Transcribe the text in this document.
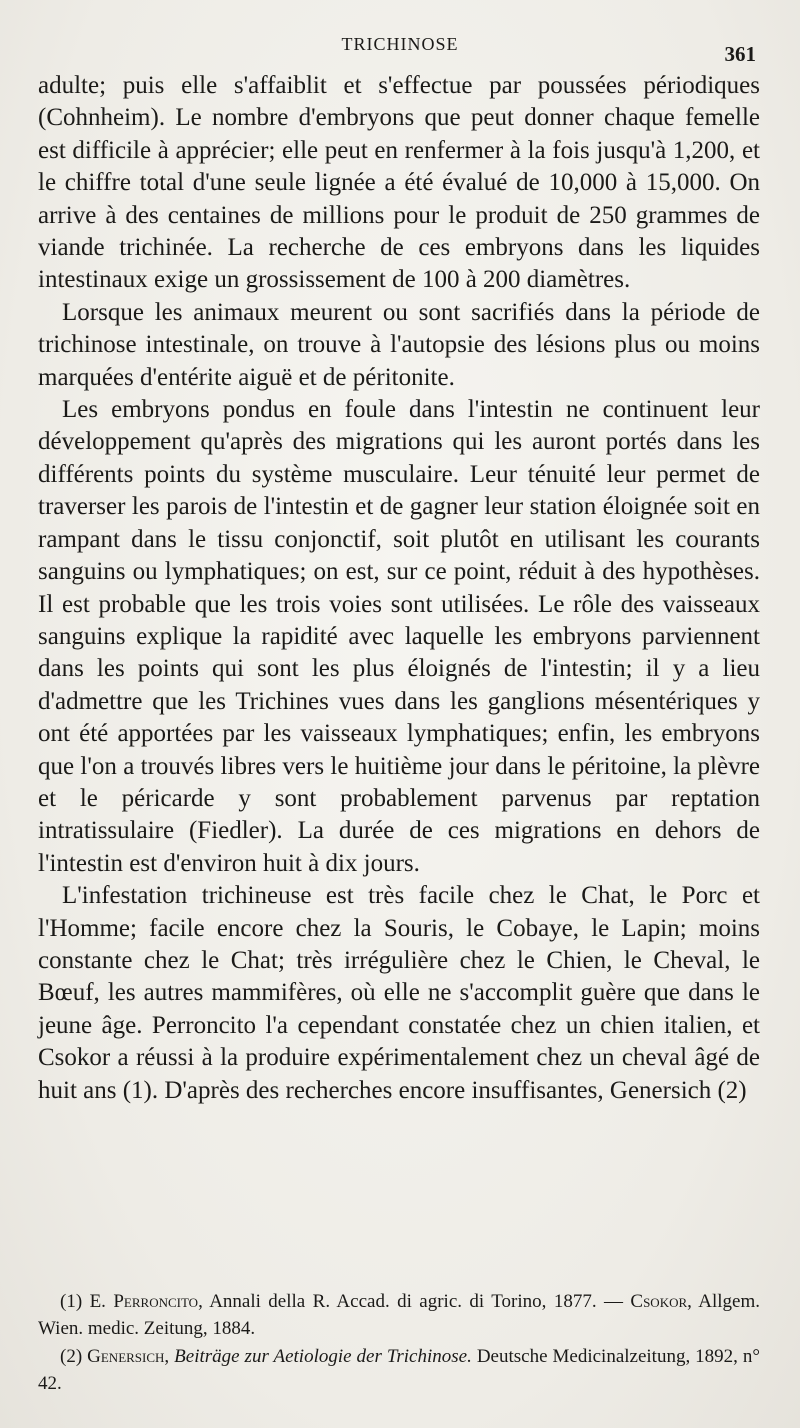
TRICHINOSE	361

adulte; puis elle s'affaiblit et s'effectue par poussées périodiques (Cohnheim). Le nombre d'embryons que peut donner chaque femelle est difficile à apprécier; elle peut en renfermer à la fois jusqu'à 1,200, et le chiffre total d'une seule lignée a été évalué de 10,000 à 15,000. On arrive à des centaines de millions pour le produit de 250 grammes de viande trichinée. La recherche de ces embryons dans les liquides intestinaux exige un grossissement de 100 à 200 diamètres.

Lorsque les animaux meurent ou sont sacrifiés dans la période de trichinose intestinale, on trouve à l'autopsie des lésions plus ou moins marquées d'entérite aiguë et de péritonite.

Les embryons pondus en foule dans l'intestin ne continuent leur développement qu'après des migrations qui les auront portés dans les différents points du système musculaire. Leur ténuité leur permet de traverser les parois de l'intestin et de gagner leur station éloignée soit en rampant dans le tissu conjonctif, soit plutôt en utilisant les courants sanguins ou lymphatiques; on est, sur ce point, réduit à des hypothèses. Il est probable que les trois voies sont utilisées. Le rôle des vaisseaux sanguins explique la rapidité avec laquelle les embryons parviennent dans les points qui sont les plus éloignés de l'intestin; il y a lieu d'admettre que les Trichines vues dans les ganglions mésentériques y ont été apportées par les vaisseaux lymphatiques; enfin, les embryons que l'on a trouvés libres vers le huitième jour dans le péritoine, la plèvre et le péricarde y sont probablement parvenus par reptation intratissulaire (Fiedler). La durée de ces migrations en dehors de l'intestin est d'environ huit à dix jours.

L'infestation trichineuse est très facile chez le Chat, le Porc et l'Homme; facile encore chez la Souris, le Cobaye, le Lapin; moins constante chez le Chat; très irrégulière chez le Chien, le Cheval, le Bœuf, les autres mammifères, où elle ne s'accomplit guère que dans le jeune âge. Perroncito l'a cependant constatée chez un chien italien, et Csokor a réussi à la produire expérimentalement chez un cheval âgé de huit ans (1). D'après des recherches encore insuffisantes, Genersich (2)

(1) E. Perroncito, Annali della R. Accad. di agric. di Torino, 1877. — Csokor, Allgem. Wien. medic. Zeitung, 1884.

(2) Genersich, Beiträge zur Aetiologie der Trichinose. Deutsche Medicinalzeitung, 1892, n° 42.
